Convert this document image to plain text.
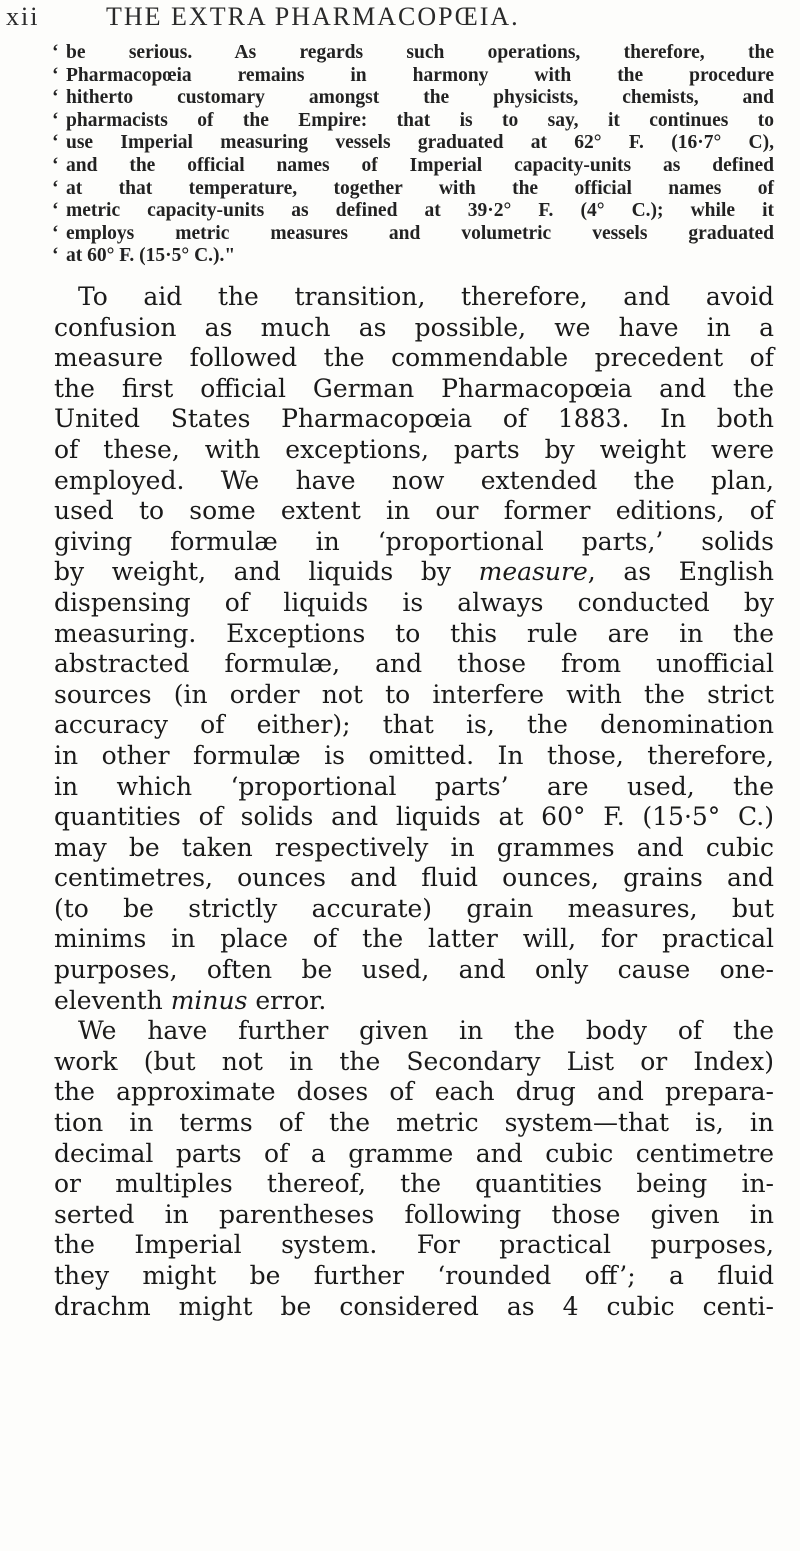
xii	THE EXTRA PHARMACOPŒIA.
‘ be serious. As regards such operations, therefore, the
‘ Pharmacopœia remains in harmony with the procedure
‘ hitherto customary amongst the physicists, chemists, and
‘ pharmacists of the Empire: that is to say, it continues to
‘ use Imperial measuring vessels graduated at 62° F. (16·7° C),
‘ and the official names of Imperial capacity-units as defined
‘ at that temperature, together with the official names of
‘ metric capacity-units as defined at 39·2° F. (4° C.); while it
‘ employs metric measures and volumetric vessels graduated
‘ at 60° F. (15·5° C.)."
To aid the transition, therefore, and avoid
confusion as much as possible, we have in a
measure followed the commendable precedent of
the first official German Pharmacopœia and the
United States Pharmacopœia of 1883. In both
of these, with exceptions, parts by weight were
employed. We have now extended the plan,
used to some extent in our former editions, of
giving formulæ in ‘proportional parts,’ solids
by weight, and liquids by measure, as English
dispensing of liquids is always conducted by
measuring. Exceptions to this rule are in the
abstracted formulæ, and those from unofficial
sources (in order not to interfere with the strict
accuracy of either); that is, the denomination
in other formulæ is omitted. In those, therefore,
in which ‘proportional parts’ are used, the
quantities of solids and liquids at 60° F. (15·5° C.)
may be taken respectively in grammes and cubic
centimetres, ounces and fluid ounces, grains and
(to be strictly accurate) grain measures, but
minims in place of the latter will, for practical
purposes, often be used, and only cause one-
eleventh minus error.
We have further given in the body of the
work (but not in the Secondary List or Index)
the approximate doses of each drug and prepara-
tion in terms of the metric system—that is, in
decimal parts of a gramme and cubic centimetre
or multiples thereof, the quantities being in-
serted in parentheses following those given in
the Imperial system. For practical purposes,
they might be further ‘rounded off’; a fluid
drachm might be considered as 4 cubic centi-
